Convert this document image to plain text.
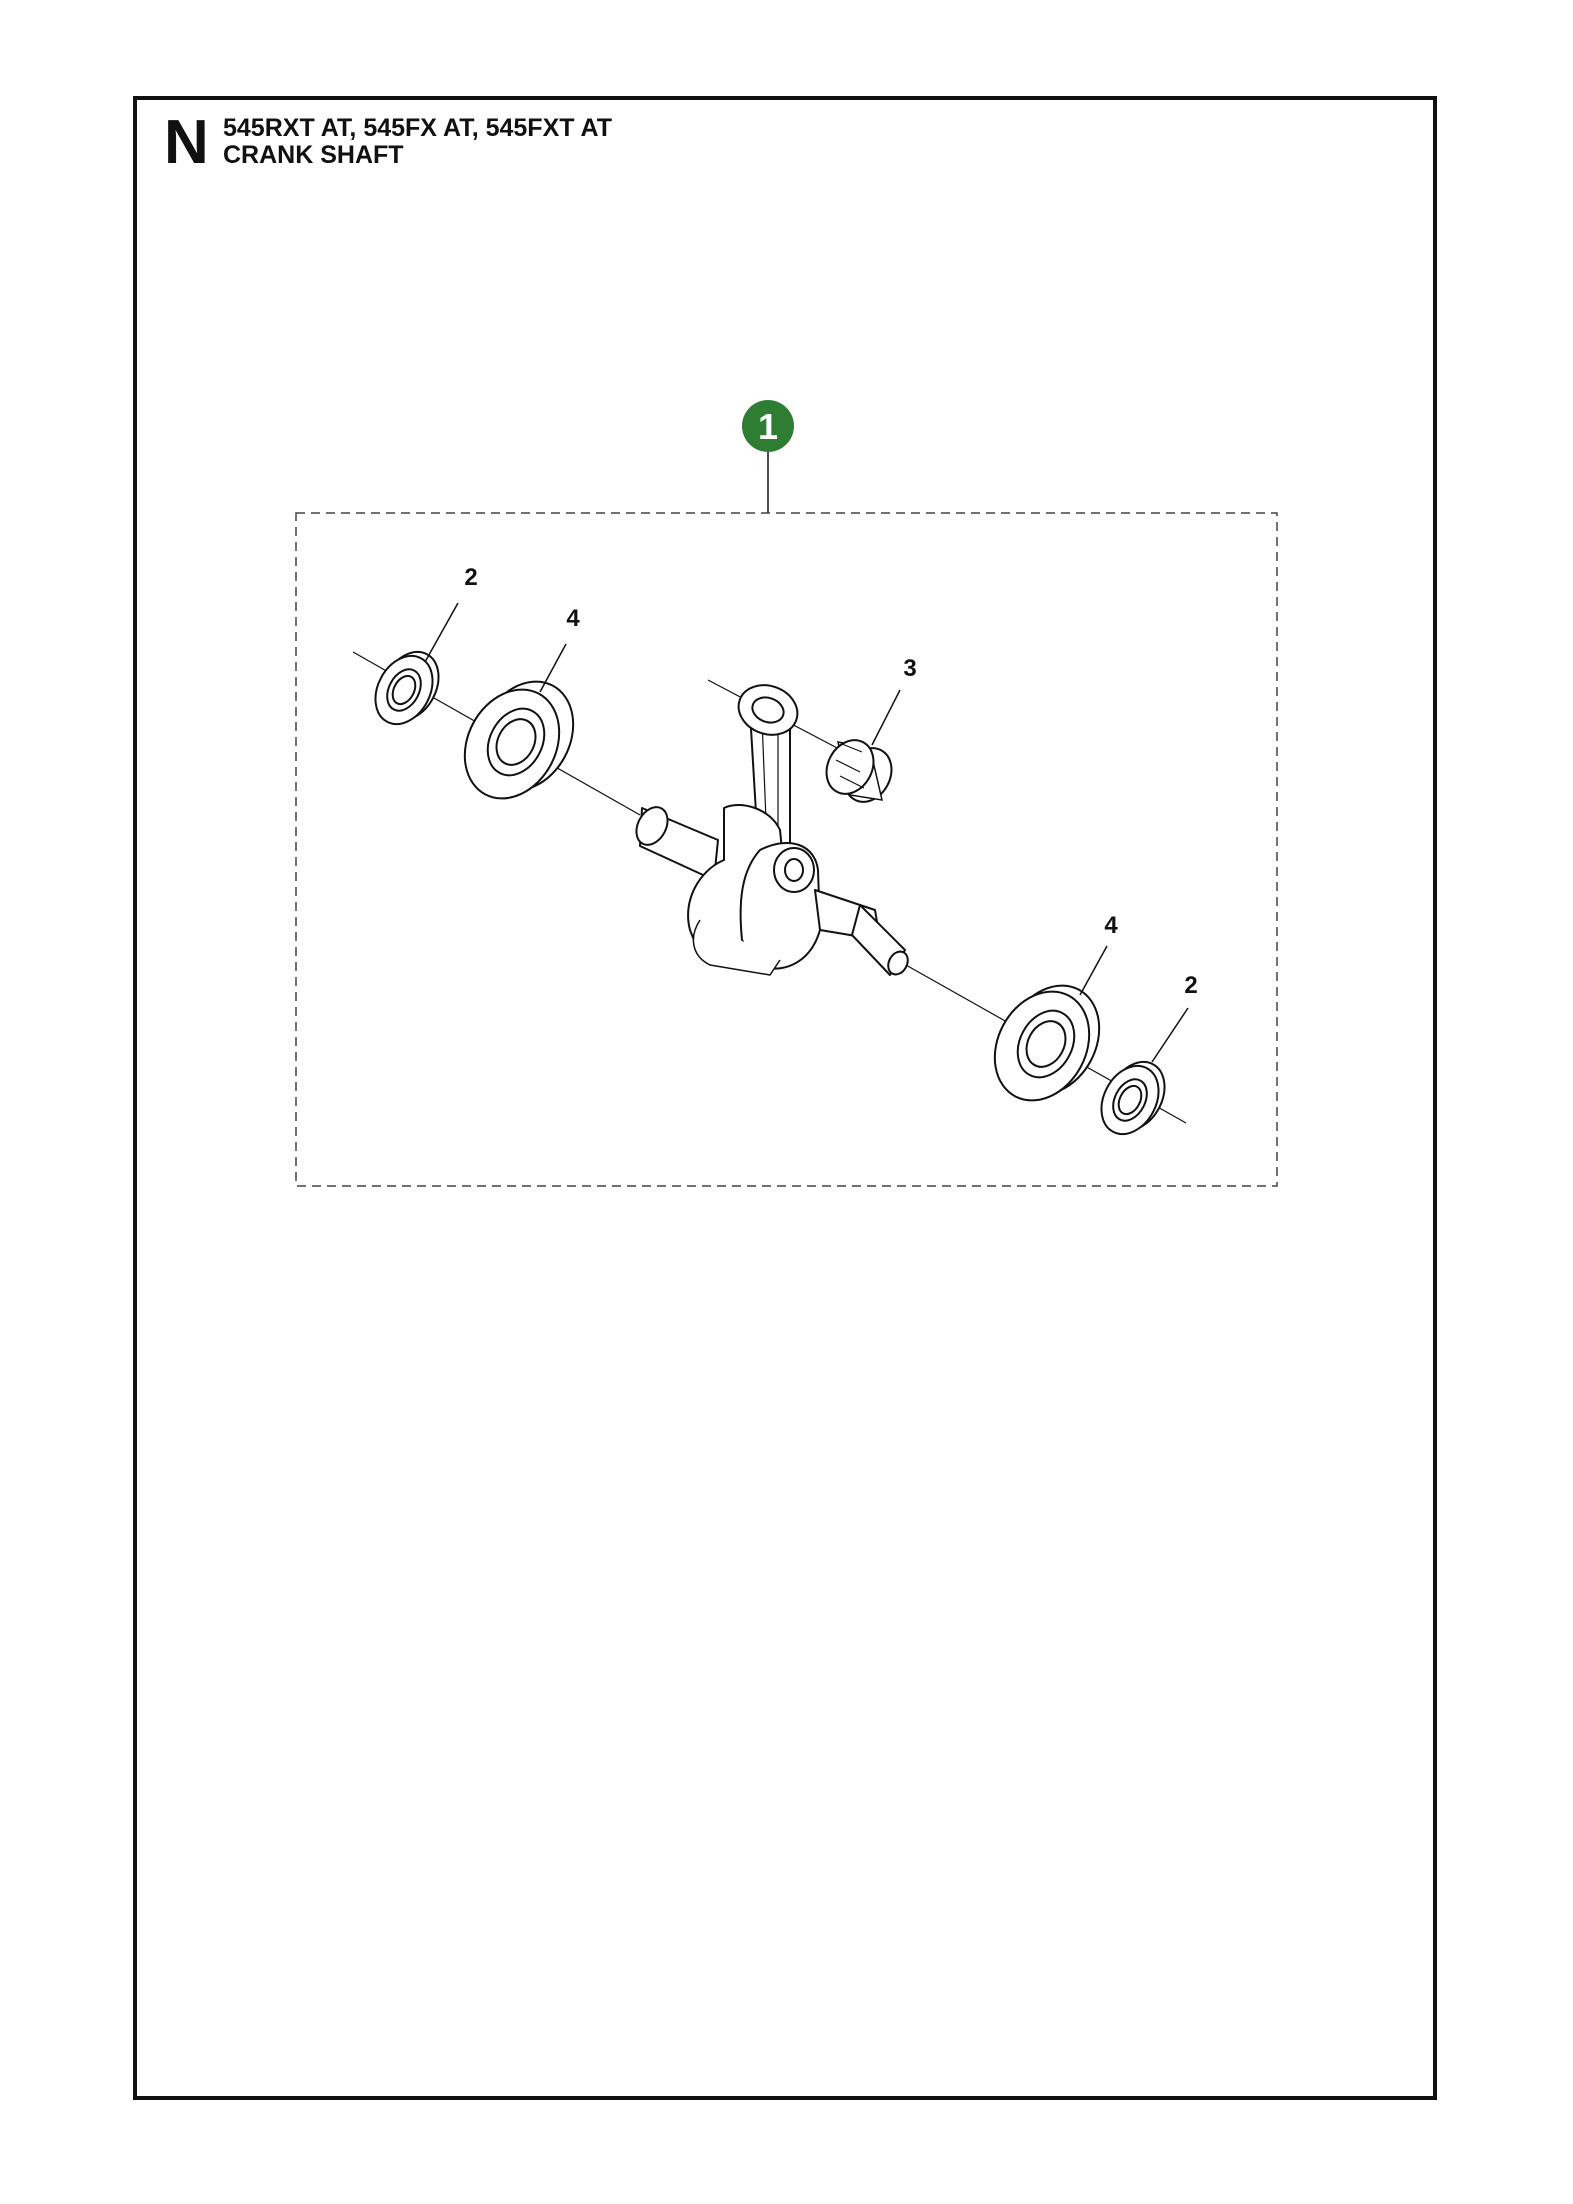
N 545RXT AT, 545FX AT, 545FXT AT
CRANK SHAFT
1
2
4
3
4
2
